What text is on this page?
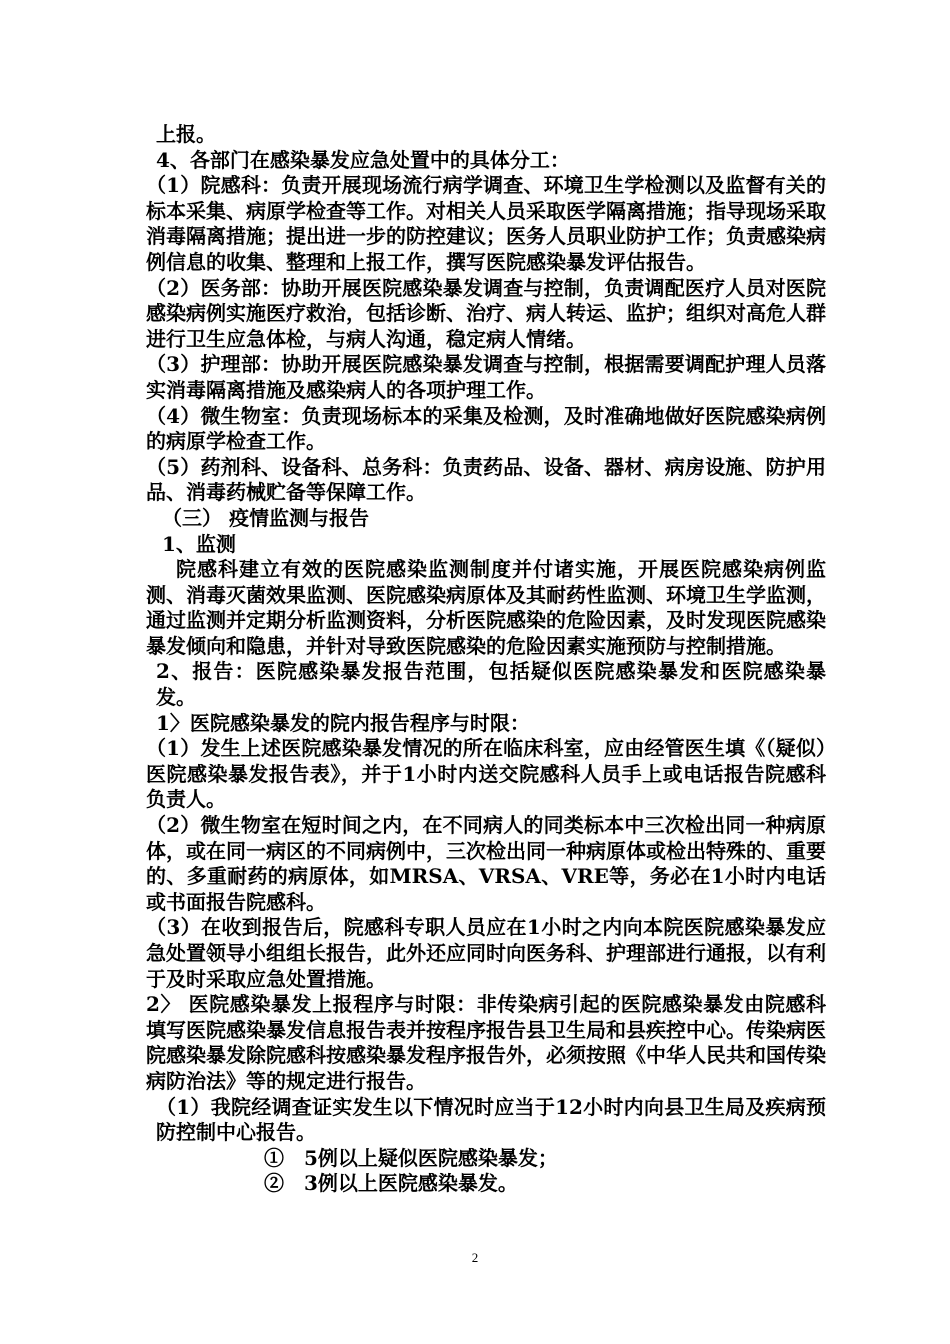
上报。

4、各部门在感染暴发应急处置中的具体分工：

（1）院感科：负责开展现场流行病学调查、环境卫生学检测以及监督有关的标本采集、病原学检查等工作。对相关人员采取医学隔离措施；指导现场采取消毒隔离措施；提出进一步的防控建议；医务人员职业防护工作；负责感染病例信息的收集、整理和上报工作，撰写医院感染暴发评估报告。

（2）医务部：协助开展医院感染暴发调查与控制，负责调配医疗人员对医院感染病例实施医疗救治，包括诊断、治疗、病人转运、监护；组织对高危人群进行卫生应急体检，与病人沟通，稳定病人情绪。

（3）护理部：协助开展医院感染暴发调查与控制，根据需要调配护理人员落实消毒隔离措施及感染病人的各项护理工作。

（4）微生物室：负责现场标本的采集及检测，及时准确地做好医院感染病例的病原学检查工作。

（5）药剂科、设备科、总务科：负责药品、设备、器材、病房设施、防护用品、消毒药械贮备等保障工作。

（三） 疫情监测与报告

1、监测

院感科建立有效的医院感染监测制度并付诸实施，开展医院感染病例监测、消毒灭菌效果监测、医院感染病原体及其耐药性监测、环境卫生学监测，通过监测并定期分析监测资料，分析医院感染的危险因素，及时发现医院感染暴发倾向和隐患，并针对导致医院感染的危险因素实施预防与控制措施。

2、报告：医院感染暴发报告范围，包括疑似医院感染暴发和医院感染暴发。

1〉医院感染暴发的院内报告程序与时限：

（1）发生上述医院感染暴发情况的所在临床科室，应由经管医生填《（疑似）医院感染暴发报告表》，并于1小时内送交院感科人员手上或电话报告院感科负责人。

（2）微生物室在短时间之内，在不同病人的同类标本中三次检出同一种病原体，或在同一病区的不同病例中，三次检出同一种病原体或检出特殊的、重要的、多重耐药的病原体，如MRSA、VRSA、VRE等，务必在1小时内电话或书面报告院感科。

（3）在收到报告后，院感科专职人员应在1小时之内向本院医院感染暴发应急处置领导小组组长报告，此外还应同时向医务科、护理部进行通报，以有利于及时采取应急处置措施。

2〉 医院感染暴发上报程序与时限：非传染病引起的医院感染暴发由院感科填写医院感染暴发信息报告表并按程序报告县卫生局和县疾控中心。传染病医院感染暴发除院感科按感染暴发程序报告外，必须按照《中华人民共和国传染病防治法》等的规定进行报告。

（1）我院经调查证实发生以下情况时应当于12小时内向县卫生局及疾病预防控制中心报告。

①　5例以上疑似医院感染暴发；

②　3例以上医院感染暴发。

2
